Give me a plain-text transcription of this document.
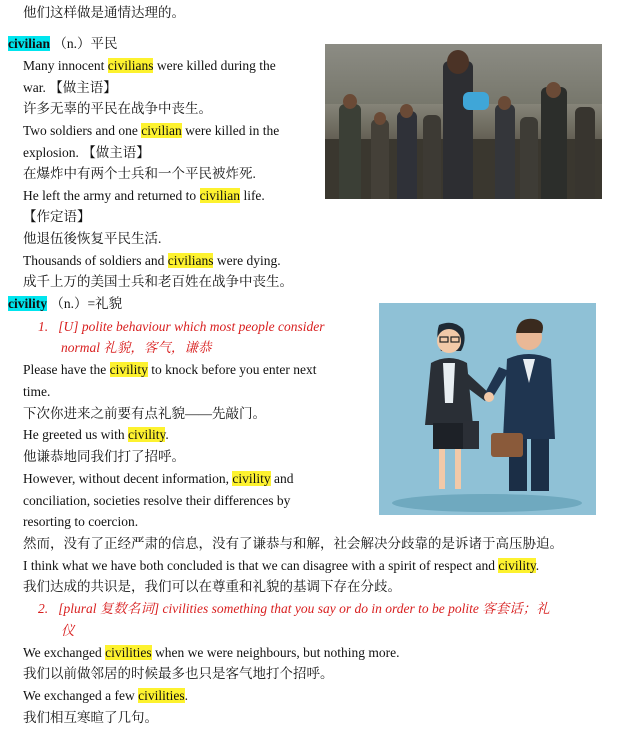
他们这样做是通情达理的。
civilian （n.）平民
Many innocent civilians were killed during the
war. 【做主语】
许多无辜的平民在战争中丧生。
Two soldiers and one civilian were killed in the
explosion. 【做主语】
在爆炸中有两个士兵和一个平民被炸死.
He left the army and returned to civilian life.
【作定语】
他退伍後恢复平民生活.
Thousands of soldiers and civilians were dying.
成千上万的美国士兵和老百姓在战争中丧生。
civility （n.）=礼貌
1. [U] polite behaviour which most people consider
normal 礼貌，客气，谦恭
Please have the civility to knock before you enter next
time.
下次你进来之前要有点礼貌——先敲门。
He greeted us with civility.
他谦恭地同我们打了招呼。
However, without decent information, civility and
conciliation, societies resolve their differences by
resorting to coercion.
然而，没有了正经严肃的信息，没有了谦恭与和解，社会解决分歧靠的是诉诸于高压胁迫。
I think what we have both concluded is that we can disagree with a spirit of respect and civility.
我们达成的共识是，我们可以在尊重和礼貌的基调下存在分歧。
2. [plural 复数名词] civilities something that you say or do in order to be polite 客套话；礼
仪
We exchanged civilities when we were neighbours, but nothing more.
我们以前做邻居的时候最多也只是客气地打个招呼。
We exchanged a few civilities.
我们相互寒暄了几句。
